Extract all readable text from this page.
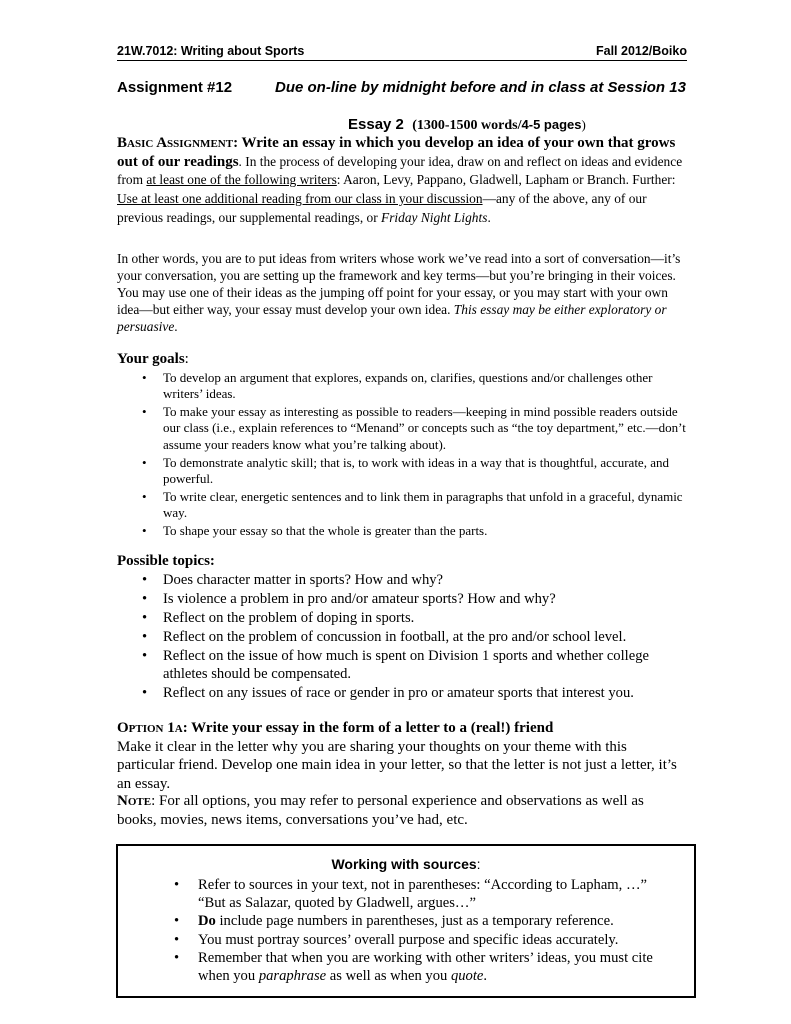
21W.7012: Writing about Sports	Fall 2012/Boiko
Assignment #12	Due on-line by midnight before and in class at Session 13
Essay 2 (1300-1500 words/4-5 pages)
Basic Assignment: Write an essay in which you develop an idea of your own that grows out of our readings. In the process of developing your idea, draw on and reflect on ideas and evidence from at least one of the following writers: Aaron, Levy, Pappano, Gladwell, Lapham or Branch. Further: Use at least one additional reading from our class in your discussion—any of the above, any of our previous readings, our supplemental readings, or Friday Night Lights.
In other words, you are to put ideas from writers whose work we’ve read into a sort of conversation—it’s your conversation, you are setting up the framework and key terms—but you’re bringing in their voices. You may use one of their ideas as the jumping off point for your essay, or you may start with your own idea—but either way, your essay must develop your own idea. This essay may be either exploratory or persuasive.
Your goals:
• To develop an argument that explores, expands on, clarifies, questions and/or challenges other writers’ ideas.
• To make your essay as interesting as possible to readers—keeping in mind possible readers outside our class (i.e., explain references to “Menand” or concepts such as “the toy department,” etc.—don’t assume your readers know what you’re talking about).
• To demonstrate analytic skill; that is, to work with ideas in a way that is thoughtful, accurate, and powerful.
• To write clear, energetic sentences and to link them in paragraphs that unfold in a graceful, dynamic way.
• To shape your essay so that the whole is greater than the parts.
Possible topics:
• Does character matter in sports? How and why?
• Is violence a problem in pro and/or amateur sports? How and why?
• Reflect on the problem of doping in sports.
• Reflect on the problem of concussion in football, at the pro and/or school level.
• Reflect on the issue of how much is spent on Division 1 sports and whether college athletes should be compensated.
• Reflect on any issues of race or gender in pro or amateur sports that interest you.
Option 1a: Write your essay in the form of a letter to a (real!) friend
Make it clear in the letter why you are sharing your thoughts on your theme with this particular friend. Develop one main idea in your letter, so that the letter is not just a letter, it’s an essay.
Note: For all options, you may refer to personal experience and observations as well as books, movies, news items, conversations you’ve had, etc.
Working with sources:
• Refer to sources in your text, not in parentheses: “According to Lapham, …” “But as Salazar, quoted by Gladwell, argues…”
• Do include page numbers in parentheses, just as a temporary reference.
• You must portray sources’ overall purpose and specific ideas accurately.
• Remember that when you are working with other writers’ ideas, you must cite when you paraphrase as well as when you quote.
